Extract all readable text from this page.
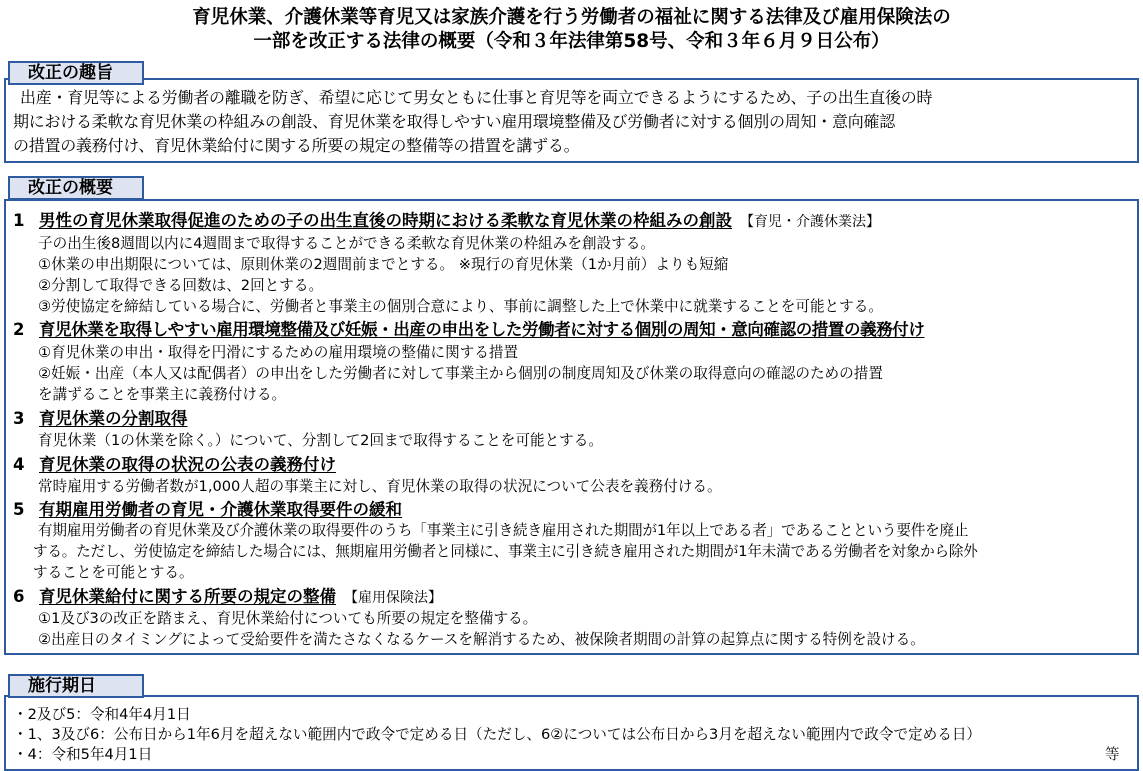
育児休業、介護休業等育児又は家族介護を行う労働者の福祉に関する法律及び雇用保険法の
一部を改正する法律の概要（令和３年法律第58号、令和３年６月９日公布）
改正の趣旨
出産・育児等による労働者の離職を防ぎ、希望に応じて男女ともに仕事と育児等を両立できるようにするため、子の出生直後の時
期における柔軟な育児休業の枠組みの創設、育児休業を取得しやすい雇用環境整備及び労働者に対する個別の周知・意向確認
の措置の義務付け、育児休業給付に関する所要の規定の整備等の措置を講ずる。
改正の概要
1 男性の育児休業取得促進のための子の出生直後の時期における柔軟な育児休業の枠組みの創設 【育児・介護休業法】
子の出生後8週間以内に4週間まで取得することができる柔軟な育児休業の枠組みを創設する。
①休業の申出期限については、原則休業の2週間前までとする。 ※現行の育児休業（1か月前）よりも短縮
②分割して取得できる回数は、2回とする。
③労使協定を締結している場合に、労働者と事業主の個別合意により、事前に調整した上で休業中に就業することを可能とする。
2 育児休業を取得しやすい雇用環境整備及び妊娠・出産の申出をした労働者に対する個別の周知・意向確認の措置の義務付け
①育児休業の申出・取得を円滑にするための雇用環境の整備に関する措置
②妊娠・出産（本人又は配偶者）の申出をした労働者に対して事業主から個別の制度周知及び休業の取得意向の確認のための措置
を講ずることを事業主に義務付ける。
3 育児休業の分割取得
育児休業（1の休業を除く。）について、分割して2回まで取得することを可能とする。
4 育児休業の取得の状況の公表の義務付け
常時雇用する労働者数が1,000人超の事業主に対し、育児休業の取得の状況について公表を義務付ける。
5 有期雇用労働者の育児・介護休業取得要件の緩和
有期雇用労働者の育児休業及び介護休業の取得要件のうち「事業主に引き続き雇用された期間が1年以上である者」であることという要件を廃止
する。ただし、労使協定を締結した場合には、無期雇用労働者と同様に、事業主に引き続き雇用された期間が1年未満である労働者を対象から除外
することを可能とする。
6 育児休業給付に関する所要の規定の整備 【雇用保険法】
①1及び3の改正を踏まえ、育児休業給付についても所要の規定を整備する。
②出産日のタイミングによって受給要件を満たさなくなるケースを解消するため、被保険者期間の計算の起算点に関する特例を設ける。
施行期日
・2及び5：令和4年4月1日
・1、3及び6：公布日から1年6月を超えない範囲内で政令で定める日（ただし、6②については公布日から3月を超えない範囲内で政令で定める日）
・4：令和5年4月1日	等
